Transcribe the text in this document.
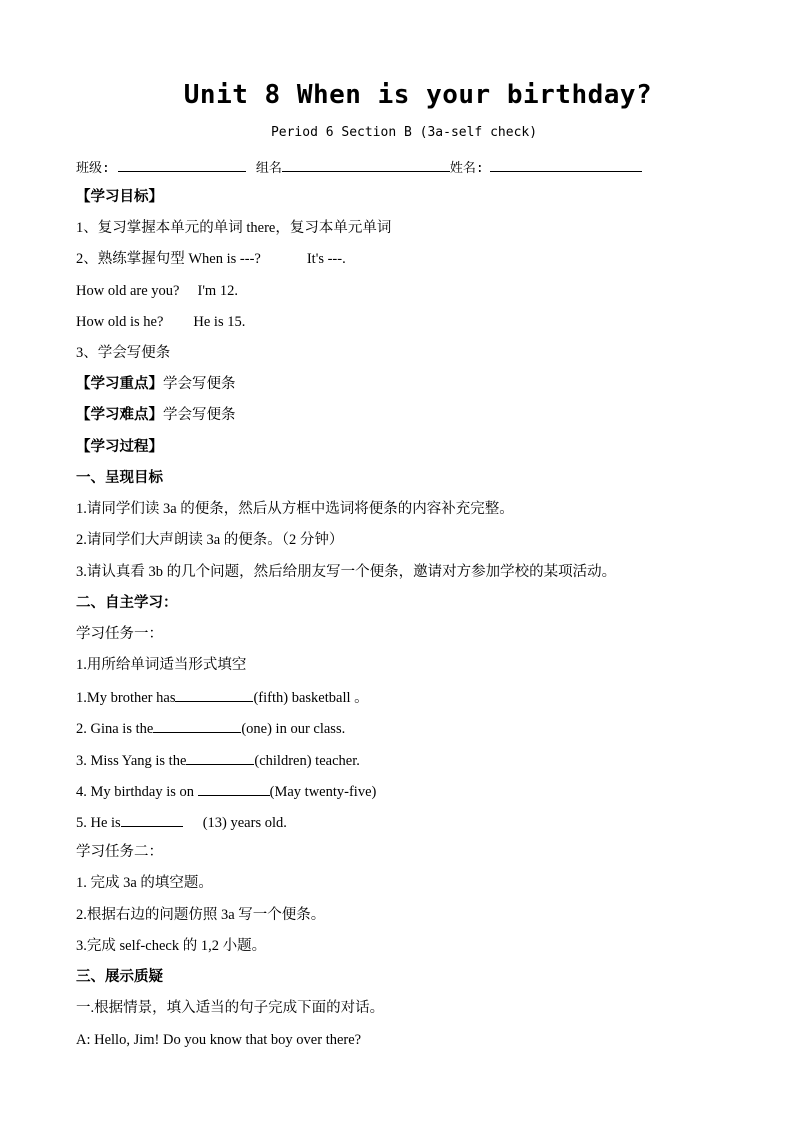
Unit 8 When is your birthday?
Period 6 Section B (3a-self check)
班级:	组名	姓名:
【学习目标】
1、复习掌握本单元的单词 there，复习本单元单词
2、熟练掌握句型 When is ---?	It's ---.
How old are you? I'm 12.
How old is he? He is 15.
3、学会写便条
【学习重点】学会写便条
【学习难点】学会写便条
【学习过程】
一、呈现目标
1.请同学们读 3a 的便条，然后从方框中选词将便条的内容补充完整。
2.请同学们大声朗读 3a 的便条。（2 分钟）
3.请认真看 3b 的几个问题，然后给朋友写一个便条，邀请对方参加学校的某项活动。
二、自主学习：
学习任务一：
1.用所给单词适当形式填空
1.My brother has	(fifth) basketball 。
2. Gina is the	(one) in our class.
3. Miss Yang is the	(children) teacher.
4. My birthday is on	(May twenty-five)
5. He is	(13) years old.
学习任务二：
1. 完成 3a 的填空题。
2.根据右边的问题仿照 3a 写一个便条。
3.完成 self-check 的 1,2 小题。
三、展示质疑
一.根据情景，填入适当的句子完成下面的对话。
A: Hello, Jim! Do you know that boy over there?
